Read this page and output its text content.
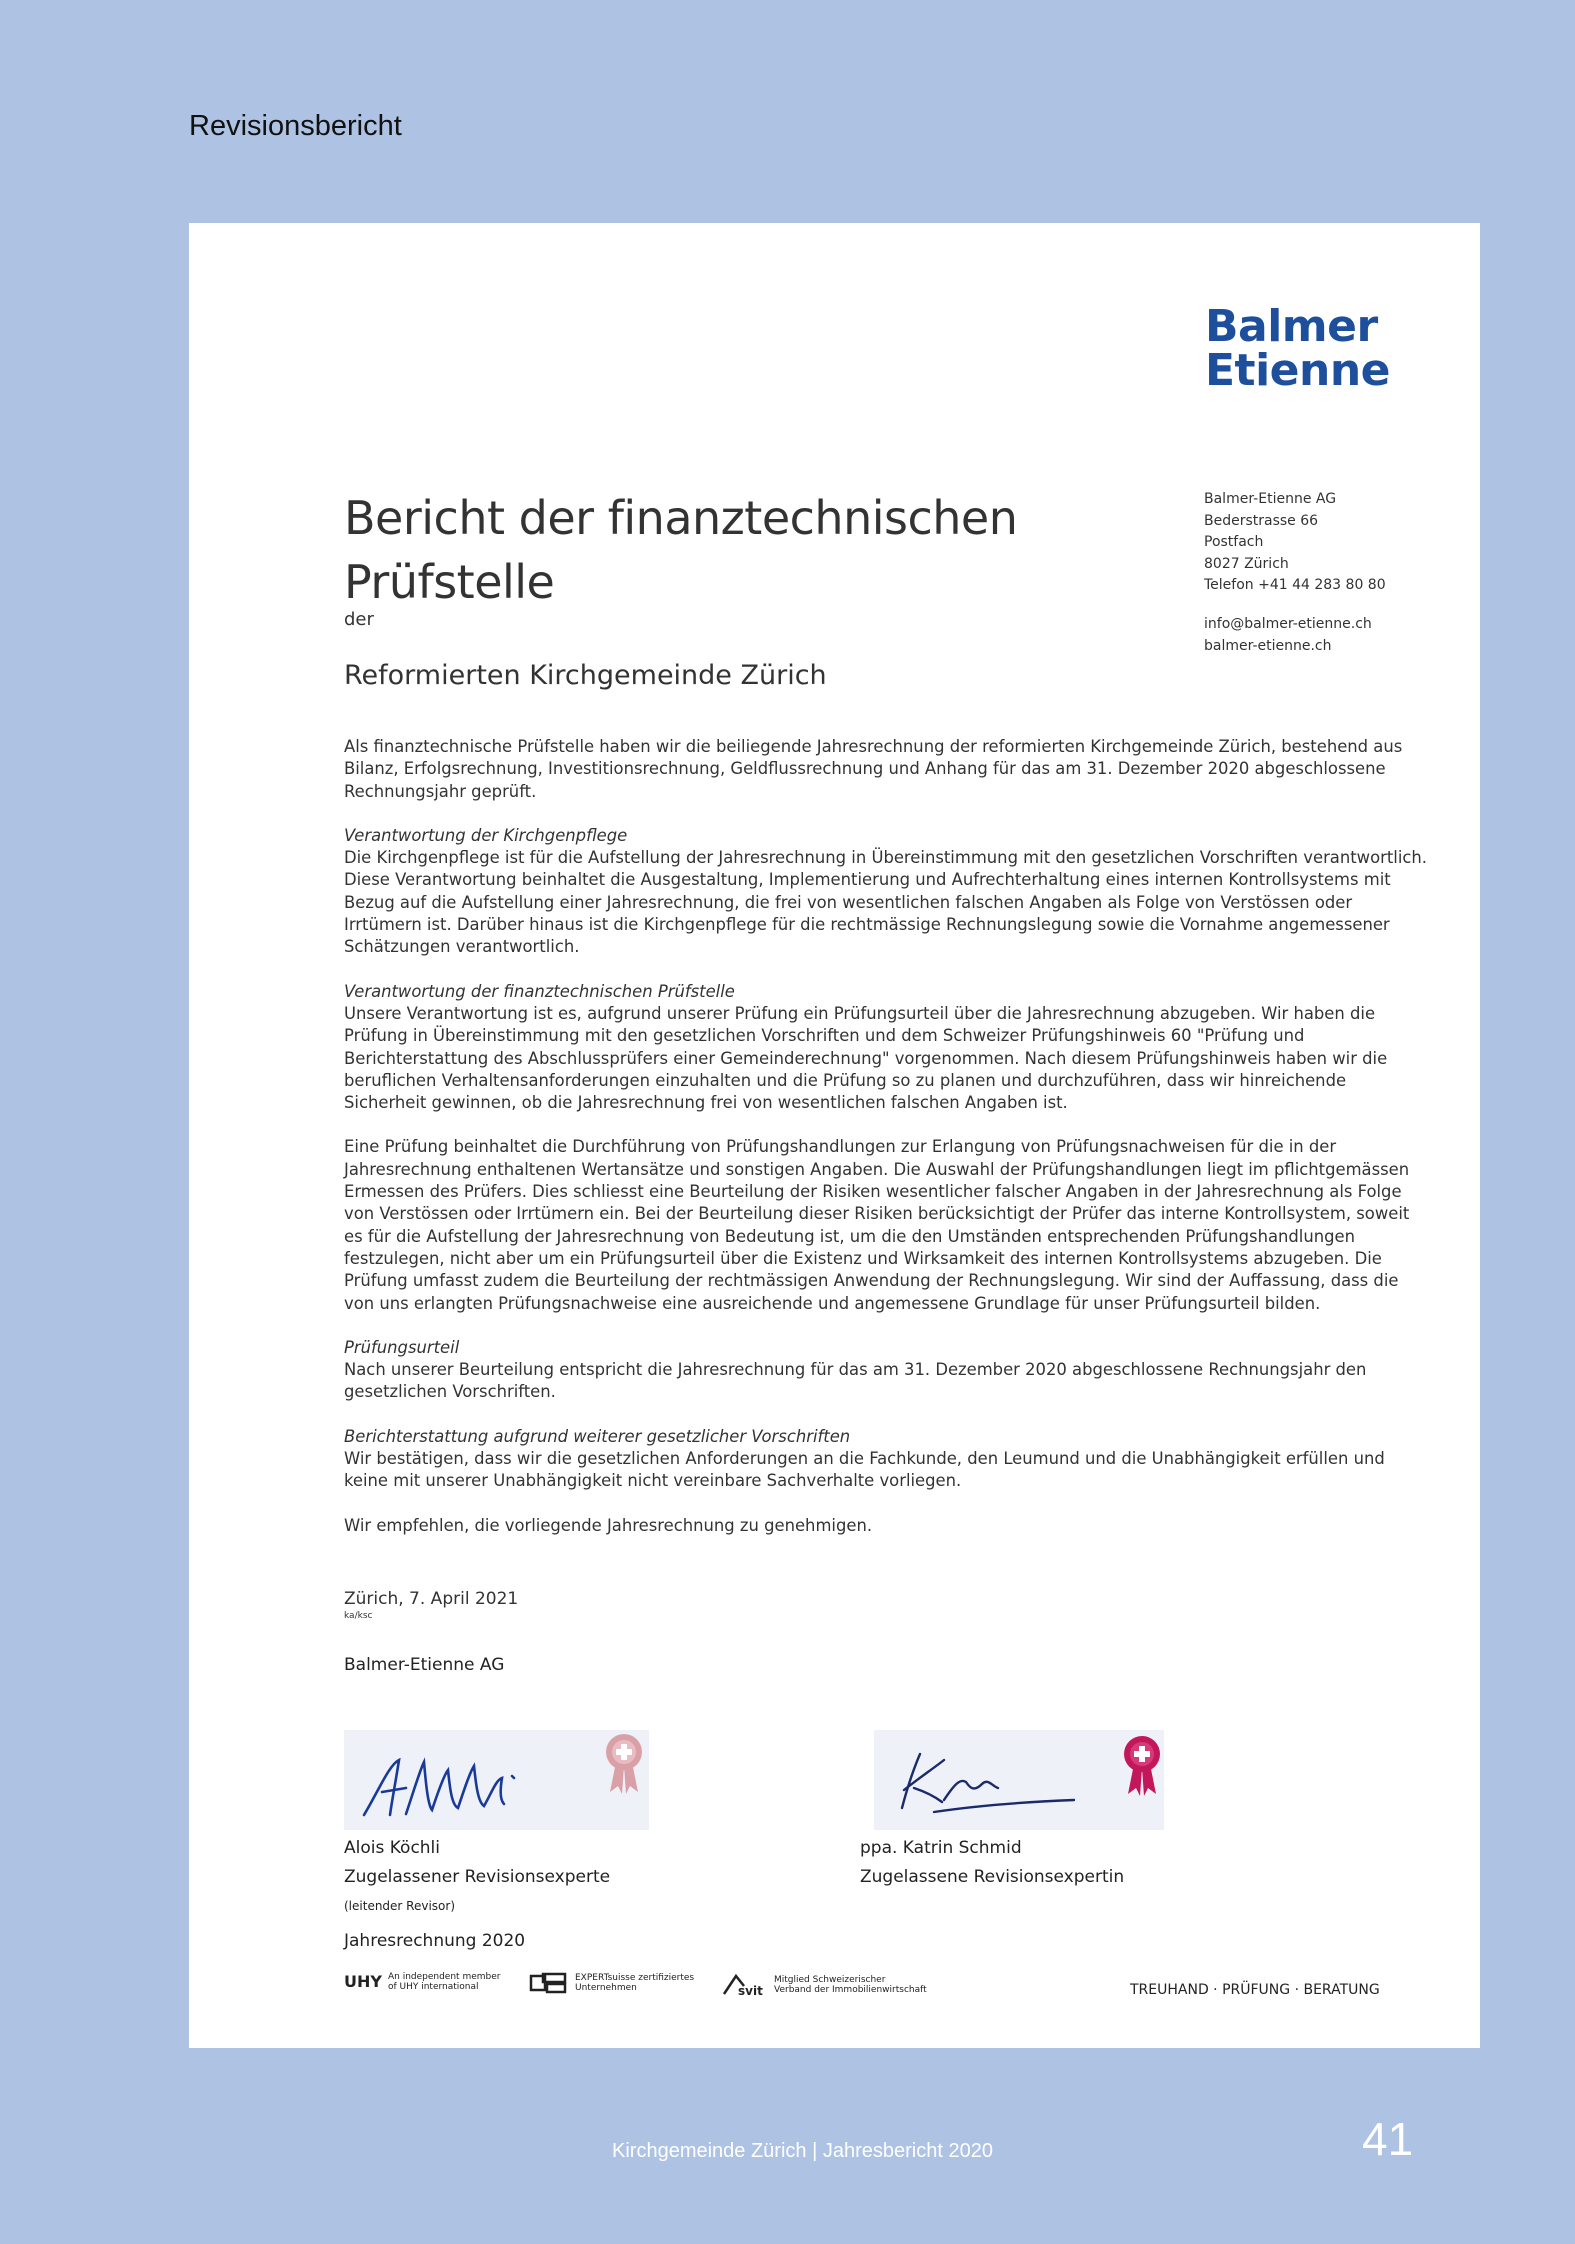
Revisionsbericht
Balmer
Etienne
Bericht der finanztechnischen
Prüfstelle
der
Reformierten Kirchgemeinde Zürich
Balmer-Etienne AG
Bederstrasse 66
Postfach
8027 Zürich
Telefon +41 44 283 80 80
info@balmer-etienne.ch
balmer-etienne.ch

Als finanztechnische Prüfstelle haben wir die beiliegende Jahresrechnung der reformierten Kirchgemeinde Zürich, bestehend aus Bilanz, Erfolgsrechnung, Investitionsrechnung, Geldflussrechnung und Anhang für das am 31. Dezember 2020 abgeschlossene Rechnungsjahr geprüft.

Verantwortung der Kirchgenpflege
Die Kirchgenpflege ist für die Aufstellung der Jahresrechnung in Übereinstimmung mit den gesetzlichen Vorschriften verantwortlich. Diese Verantwortung beinhaltet die Ausgestaltung, Implementierung und Aufrechterhaltung eines internen Kontrollsystems mit Bezug auf die Aufstellung einer Jahresrechnung, die frei von wesentlichen falschen Angaben als Folge von Verstössen oder Irrtümern ist. Darüber hinaus ist die Kirchgenpflege für die rechtmässige Rechnungslegung sowie die Vornahme angemessener Schätzungen verantwortlich.

Verantwortung der finanztechnischen Prüfstelle
Unsere Verantwortung ist es, aufgrund unserer Prüfung ein Prüfungsurteil über die Jahresrechnung abzugeben. Wir haben die Prüfung in Übereinstimmung mit den gesetzlichen Vorschriften und dem Schweizer Prüfungshinweis 60 "Prüfung und Berichterstattung des Abschlussprüfers einer Gemeinderechnung" vorgenommen. Nach diesem Prüfungshinweis haben wir die beruflichen Verhaltensanforderungen einzuhalten und die Prüfung so zu planen und durchzuführen, dass wir hinreichende Sicherheit gewinnen, ob die Jahresrechnung frei von wesentlichen falschen Angaben ist.

Eine Prüfung beinhaltet die Durchführung von Prüfungshandlungen zur Erlangung von Prüfungsnachweisen für die in der Jahresrechnung enthaltenen Wertansätze und sonstigen Angaben. Die Auswahl der Prüfungshandlungen liegt im pflichtgemässen Ermessen des Prüfers. Dies schliesst eine Beurteilung der Risiken wesentlicher falscher Angaben in der Jahresrechnung als Folge von Verstössen oder Irrtümern ein. Bei der Beurteilung dieser Risiken berücksichtigt der Prüfer das interne Kontrollsystem, soweit es für die Aufstellung der Jahresrechnung von Bedeutung ist, um die den Umständen entsprechenden Prüfungshandlungen festzulegen, nicht aber um ein Prüfungsurteil über die Existenz und Wirksamkeit des internen Kontrollsystems abzugeben. Die Prüfung umfasst zudem die Beurteilung der rechtmässigen Anwendung der Rechnungslegung. Wir sind der Auffassung, dass die von uns erlangten Prüfungsnachweise eine ausreichende und angemessene Grundlage für unser Prüfungsurteil bilden.

Prüfungsurteil
Nach unserer Beurteilung entspricht die Jahresrechnung für das am 31. Dezember 2020 abgeschlossene Rechnungsjahr den gesetzlichen Vorschriften.

Berichterstattung aufgrund weiterer gesetzlicher Vorschriften
Wir bestätigen, dass wir die gesetzlichen Anforderungen an die Fachkunde, den Leumund und die Unabhängigkeit erfüllen und keine mit unserer Unabhängigkeit nicht vereinbare Sachverhalte vorliegen.

Wir empfehlen, die vorliegende Jahresrechnung zu genehmigen.

Zürich, 7. April 2021
ka/ksc
Balmer-Etienne AG
Alois Köchli
Zugelassener Revisionsexperte
(leitender Revisor)
ppa. Katrin Schmid
Zugelassene Revisionsexpertin
Jahresrechnung 2020
UHY An independent member
of UHY international
EXPERTsuisse zertifiziertes
Unternehmen	svit
Mitglied Schweizerischer
Verband der Immobilienwirtschaft	TREUHAND · PRÜFUNG · BERATUNG
Kirchgemeinde Zürich | Jahresbericht 2020	41
